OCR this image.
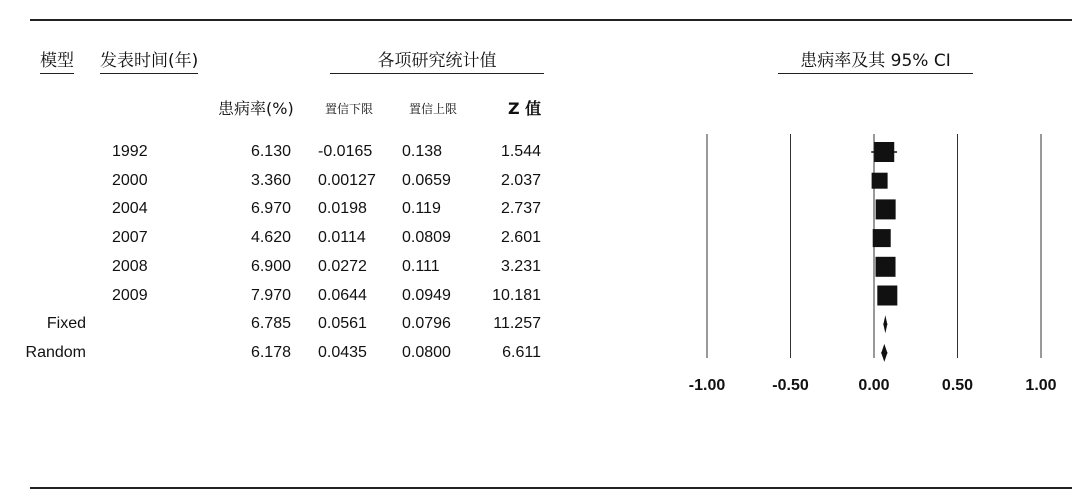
模型 发表时间(年)	各项研究统计值	患病率及其 95% CI
患病率(%)	置信下限	置信上限	Z 值
1992	6.130 -0.0165 0.138	1.544
2000	3.360 0.00127 0.0659	2.037
2004	6.970 0.0198 0.119	2.737
2007	4.620 0.0114 0.0809	2.601
2008	6.900 0.0272 0.111	3.231
2009	7.970 0.0644 0.0949	10.181
Fixed	6.785 0.0561 0.0796	11.257
Random	6.178 0.0435 0.0800	6.611
-1.00	-0.50	0.00	0.50	1.00
